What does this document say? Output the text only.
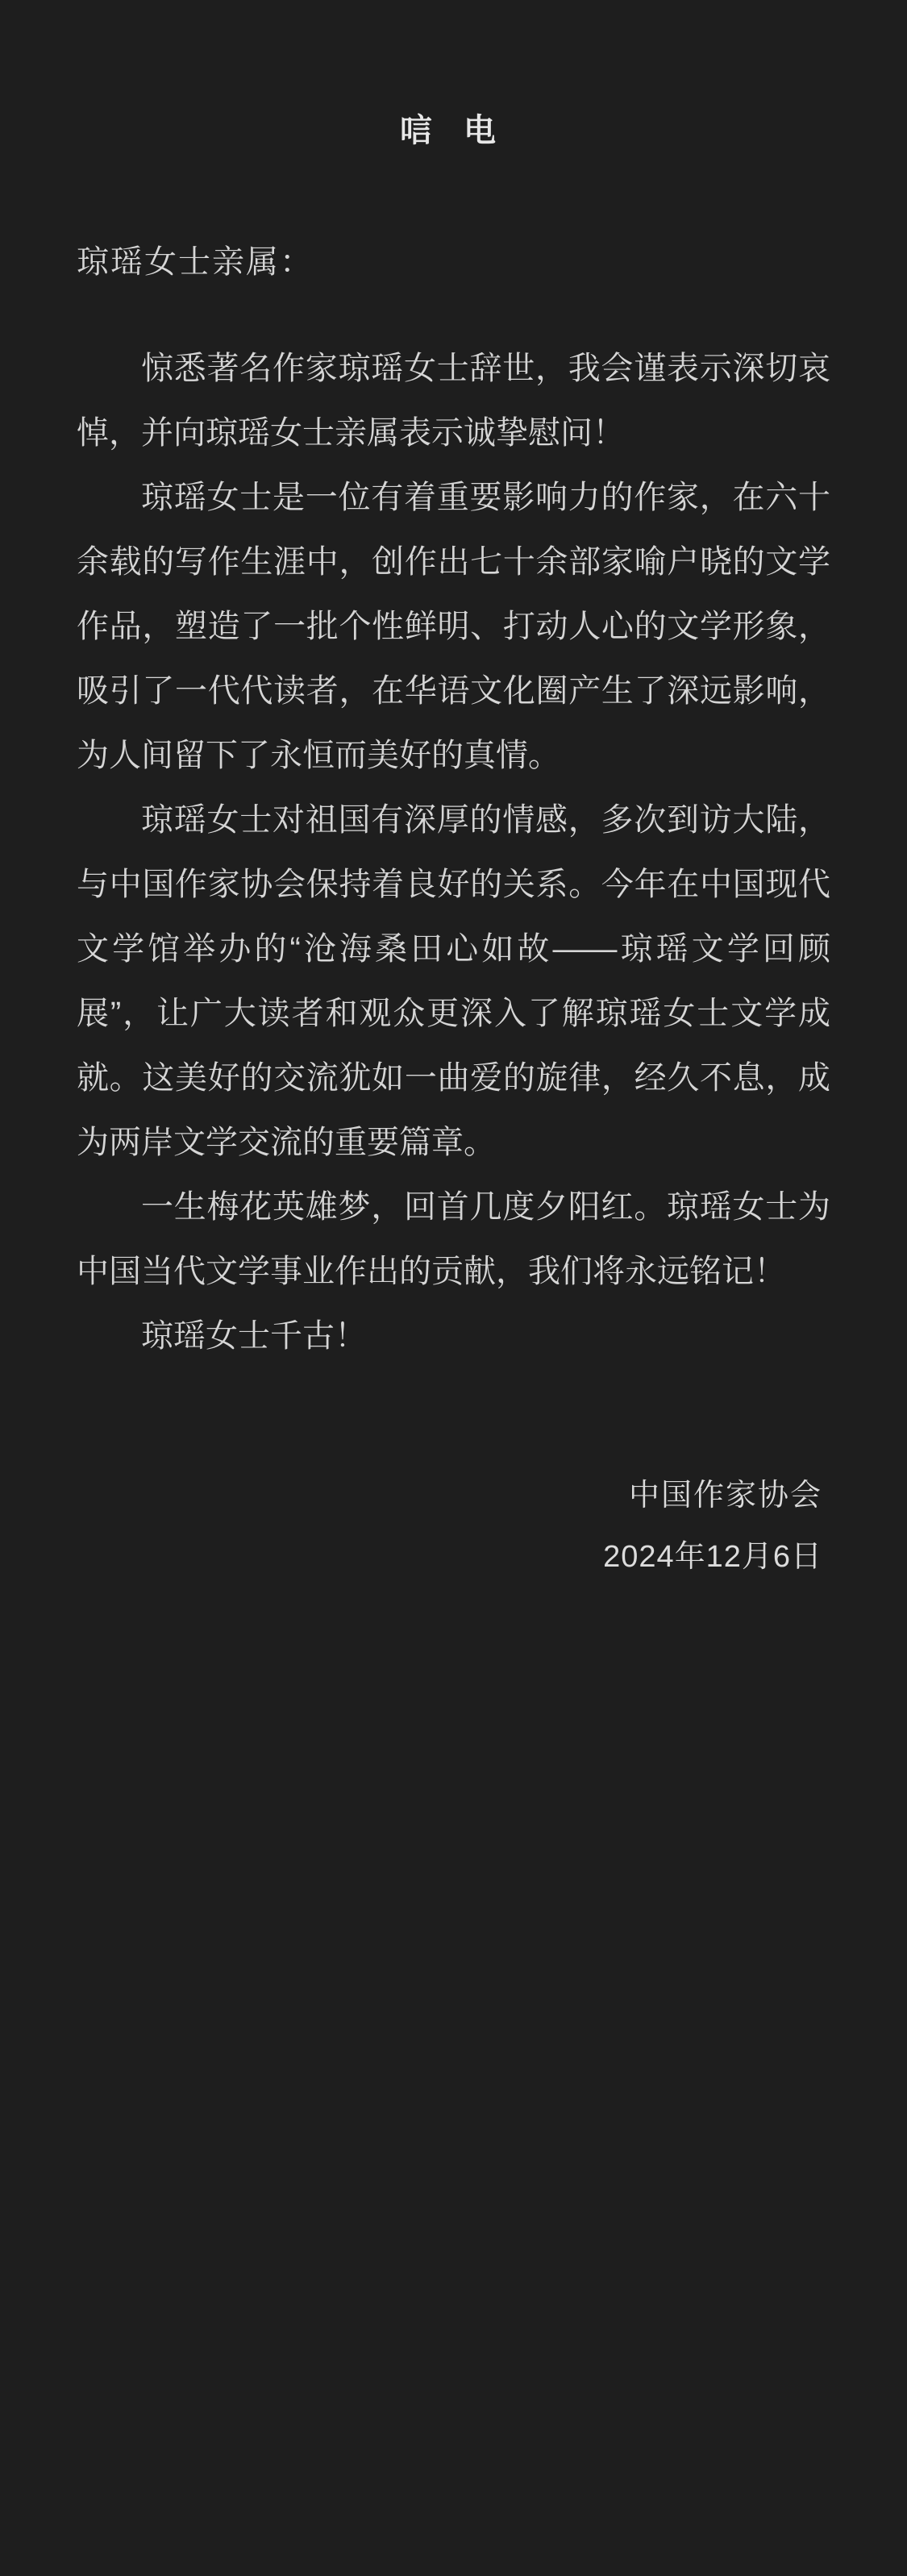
唁 电
琼瑶女士亲属：

惊悉著名作家琼瑶女士辞世，我会谨表示深切哀悼，并向琼瑶女士亲属表示诚挚慰问！

琼瑶女士是一位有着重要影响力的作家，在六十余载的写作生涯中，创作出七十余部家喻户晓的文学作品，塑造了一批个性鲜明、打动人心的文学形象，吸引了一代代读者，在华语文化圈产生了深远影响，为人间留下了永恒而美好的真情。

琼瑶女士对祖国有深厚的情感，多次到访大陆，与中国作家协会保持着良好的关系。今年在中国现代文学馆举办的“沧海桑田心如故——琼瑶文学回顾展”，让广大读者和观众更深入了解琼瑶女士文学成就。这美好的交流犹如一曲爱的旋律，经久不息，成为两岸文学交流的重要篇章。

一生梅花英雄梦，回首几度夕阳红。琼瑶女士为中国当代文学事业作出的贡献，我们将永远铭记！

琼瑶女士千古！

中国作家协会
2024年12月6日
